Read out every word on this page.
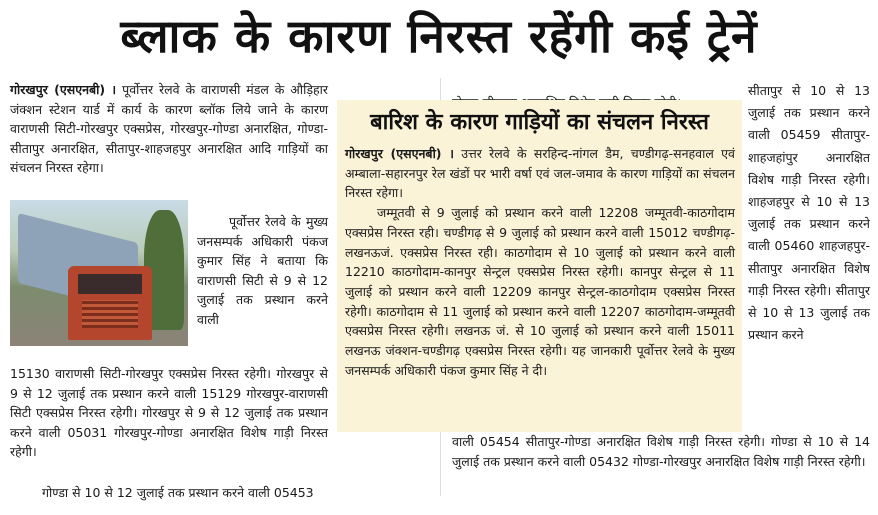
ब्लाक के कारण निरस्त रहेंगी कई ट्रेनें

गोरखपुर (एसएनबी) । पूर्वोत्तर रेलवे के वाराणसी मंडल के औड़िहार जंक्शन स्टेशन यार्ड में कार्य के कारण ब्लॉक लिये जाने के कारण वाराणसी सिटी-गोरखपुर एक्सप्रेस, गोरखपुर-गोण्डा अनारक्षित, गोण्डा-सीतापुर अनारक्षित, सीतापुर-शाहजहपुर अनारक्षित आदि गाड़ियों का संचलन निरस्त रहेगा।

पूर्वोत्तर रेलवे के मुख्य जनसम्पर्क अधिकारी पंकज कुमार सिंह ने बताया कि वाराणसी सिटी से 9 से 12 जुलाई तक प्रस्थान करने वाली

15130 वाराणसी सिटी-गोरखपुर एक्सप्रेस निरस्त रहेगी। गोरखपुर से 9 से 12 जुलाई तक प्रस्थान करने वाली 15129 गोरखपुर-वाराणसी सिटी एक्सप्रेस निरस्त रहेगी। गोरखपुर से 9 से 12 जुलाई तक प्रस्थान करने वाली 05031 गोरखपुर-गोण्डा अनारक्षित विशेष गाड़ी निरस्त रहेगी।

गोण्डा से 10 से 12 जुलाई तक प्रस्थान करने वाली 05453

सीतापुर से 10 से 13 जुलाई तक प्रस्थान करने वाली 05459 सीतापुर-शाहजहांपुर अनारक्षित विशेष गाड़ी निरस्त रहेगी। शाहजहपुर से 10 से 13 जुलाई तक प्रस्थान करने वाली 05460 शाहजहपुर-सीतापुर अनारक्षित विशेष गाड़ी निरस्त रहेगी। सीतापुर से 10 से 13 जुलाई तक प्रस्थान करने

बारिश के कारण गाड़ियों का संचलन निरस्त

गोरखपुर (एसएनबी) । उत्तर रेलवे के सरहिन्द-नांगल डैम, चण्डीगढ़-सनहवाल एवं अम्बाला-सहारनपुर रेल खंडों पर भारी वर्षा एवं जल-जमाव के कारण गाड़ियों का संचलन निरस्त रहेगा।

जम्मूतवी से 9 जुलाई को प्रस्थान करने वाली 12208 जम्मूतवी-काठगोदाम एक्सप्रेस निरस्त रही। चण्डीगढ़ से 9 जुलाई को प्रस्थान करने वाली 15012 चण्डीगढ़-लखनऊजं. एक्सप्रेस निरस्त रही। काठगोदाम से 10 जुलाई को प्रस्थान करने वाली 12210 काठगोदाम-कानपुर सेन्ट्रल एक्सप्रेस निरस्त रहेगी। कानपुर सेन्ट्रल से 11 जुलाई को प्रस्थान करने वाली 12209 कानपुर सेन्ट्रल-काठगोदाम एक्सप्रेस निरस्त रहेगी। काठगोदाम से 11 जुलाई को प्रस्थान करने वाली 12207 काठगोदाम-जम्मूतवी एक्सप्रेस निरस्त रहेगी। लखनऊ जं. से 10 जुलाई को प्रस्थान करने वाली 15011 लखनऊ जंक्शन-चण्डीगढ़ एक्सप्रेस निरस्त रहेगी। यह जानकारी पूर्वोत्तर रेलवे के मुख्य जनसम्पर्क अधिकारी पंकज कुमार सिंह ने दी।

वाली 05454 सीतापुर-गोण्डा अनारक्षित विशेष गाड़ी निरस्त रहेगी। गोण्डा से 10 से 14 जुलाई तक प्रस्थान करने वाली 05432 गोण्डा-गोरखपुर अनारक्षित विशेष गाड़ी निरस्त रहेगी।
